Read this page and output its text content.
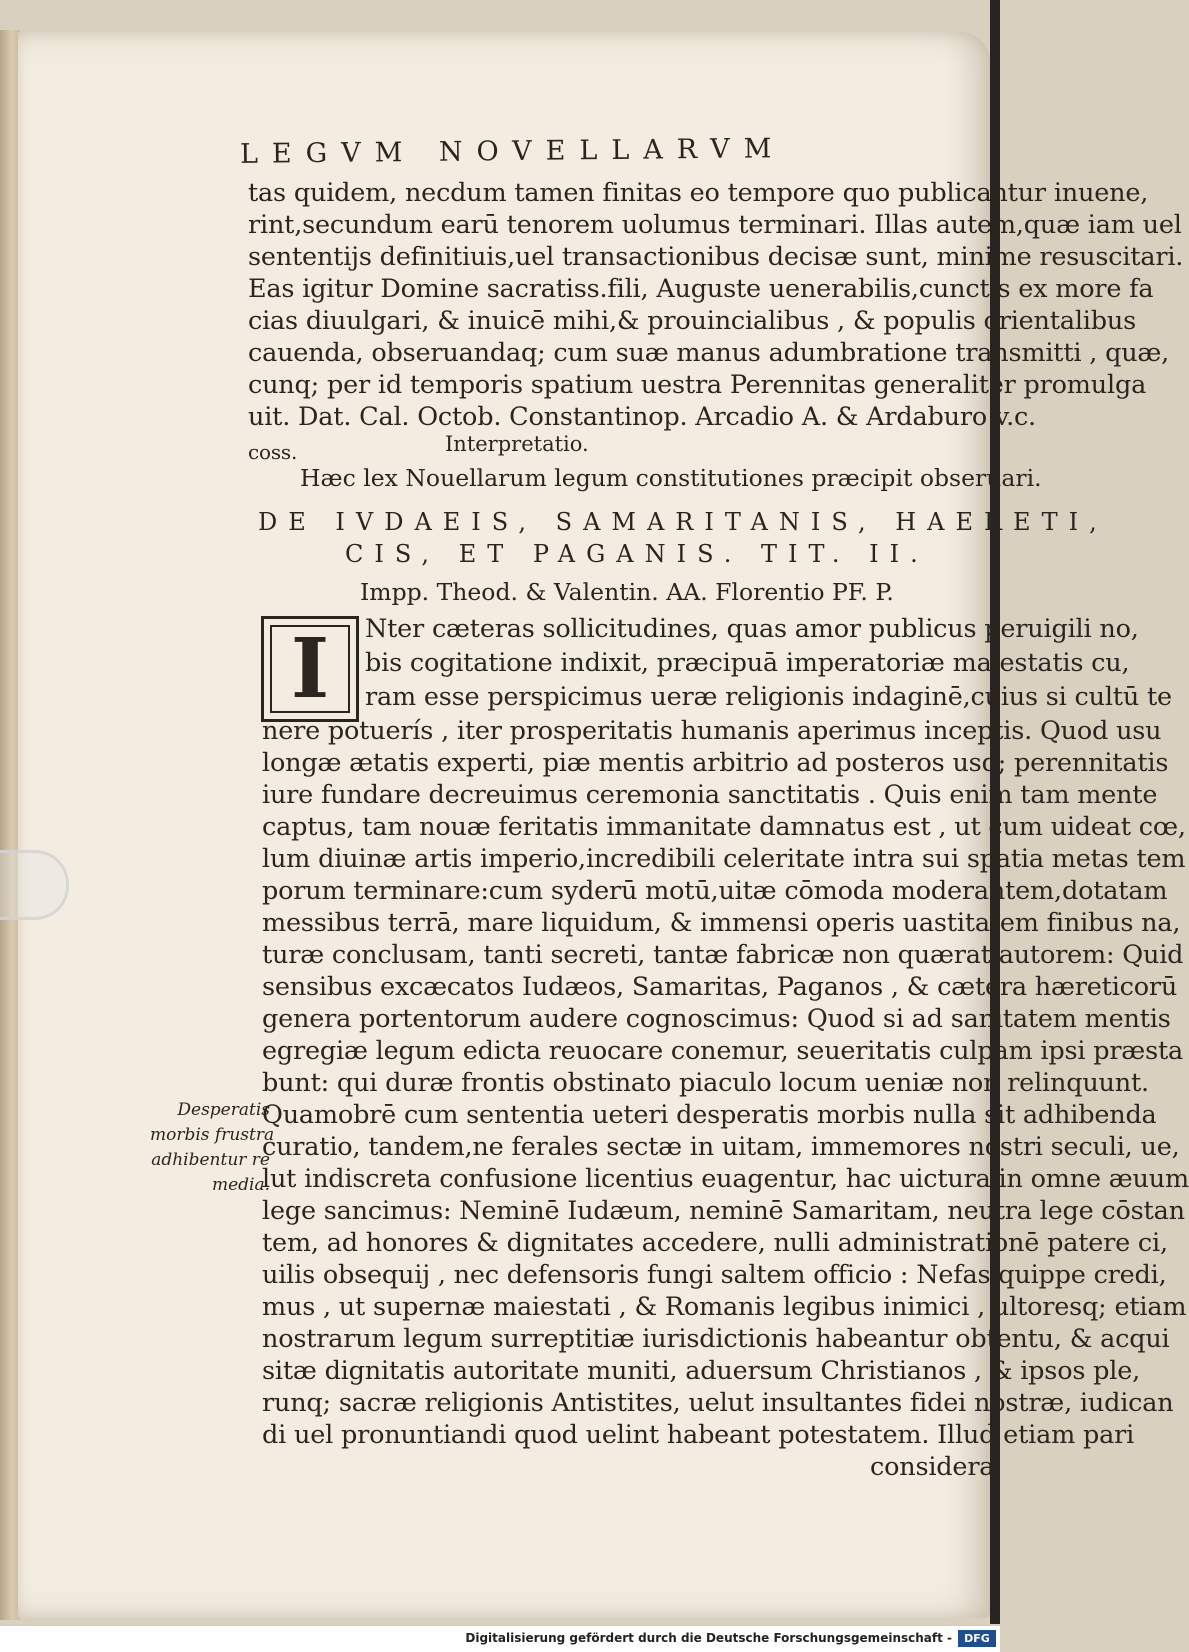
LEGVM NOVELLARVM
tas quidem, necdum tamen finitas eo tempore quo publicantur inuene,
rint,secundum earū tenorem uolumus terminari. Illas autem,quæ iam uel
sententijs definitiuis,uel transactionibus decisæ sunt, minime resuscitari.
Eas igitur Domine sacratiss.fili, Auguste uenerabilis,cunctis ex more fa
cias diuulgari, & inuicē mihi,& prouincialibus , & populis orientalibus
cauenda, obseruandaq; cum suæ manus adumbratione transmitti , quæ,
cunq; per id temporis spatium uestra Perennitas generaliter promulga
uit. Dat. Cal. Octob. Constantinop. Arcadio A. & Ardaburo v.c.
coss.	Interpretatio.
Hæc lex Nouellarum legum constitutiones præcipit obseruari.
DE IVDAEIS, SAMARITANIS, HAERETI,
CIS, ET PAGANIS. TIT. II.
Impp. Theod. & Valentin. AA. Florentio PF. P.
I	Nter cæteras sollicitudines, quas amor publicus peruigili no,
bis cogitatione indixit, præcipuā imperatoriæ maiestatis cu,
ram esse perspicimus ueræ religionis indaginē,cuius si cultū te
nere potuerís , iter prosperitatis humanis aperimus inceptis. Quod usu
longæ ætatis experti, piæ mentis arbitrio ad posteros usq; perennitatis
iure fundare decreuimus ceremonia sanctitatis . Quis enim tam mente
captus, tam nouæ feritatis immanitate damnatus est , ut cum uideat cœ,
lum diuinæ artis imperio,incredibili celeritate intra sui spatia metas tem
porum terminare:cum syderū motū,uitæ cōmoda moderantem,dotatam
messibus terrā, mare liquidum, & immensi operis uastitatem finibus na,
turæ conclusam, tanti secreti, tantæ fabricæ non quærat autorem: Quid
sensibus excæcatos Iudæos, Samaritas, Paganos , & cætera hæreticorū
genera portentorum audere cognoscimus: Quod si ad sanitatem mentis
egregiæ legum edicta reuocare conemur, seueritatis culpam ipsi præsta
bunt: qui duræ frontis obstinato piaculo locum ueniæ non relinquunt.
Quamobrē cum sententia ueteri desperatis morbis nulla sit adhibenda
curatio, tandem,ne ferales sectæ in uitam, immemores nostri seculi, ue,
lut indiscreta confusione licentius euagentur, hac uictura in omne æuum
lege sancimus: Neminē Iudæum, neminē Samaritam, neutra lege cōstan
tem, ad honores & dignitates accedere, nulli administrationē patere ci,
uilis obsequij , nec defensoris fungi saltem officio : Nefas quippe credi,
mus , ut supernæ maiestati , & Romanis legibus inimici , ultoresq; etiam
nostrarum legum surreptitiæ iurisdictionis habeantur obtentu, & acqui
sitæ dignitatis autoritate muniti, aduersum Christianos , & ipsos ple,
runq; sacræ religionis Antistites, uelut insultantes fidei nostræ, iudican
di uel pronuntiandi quod uelint habeant potestatem. Illud etiam pari
considera,
Desperatis
morbis frustra
adhibentur re
media.
Digitalisierung gefördert durch die Deutsche Forschungsgemeinschaft -	DFG
